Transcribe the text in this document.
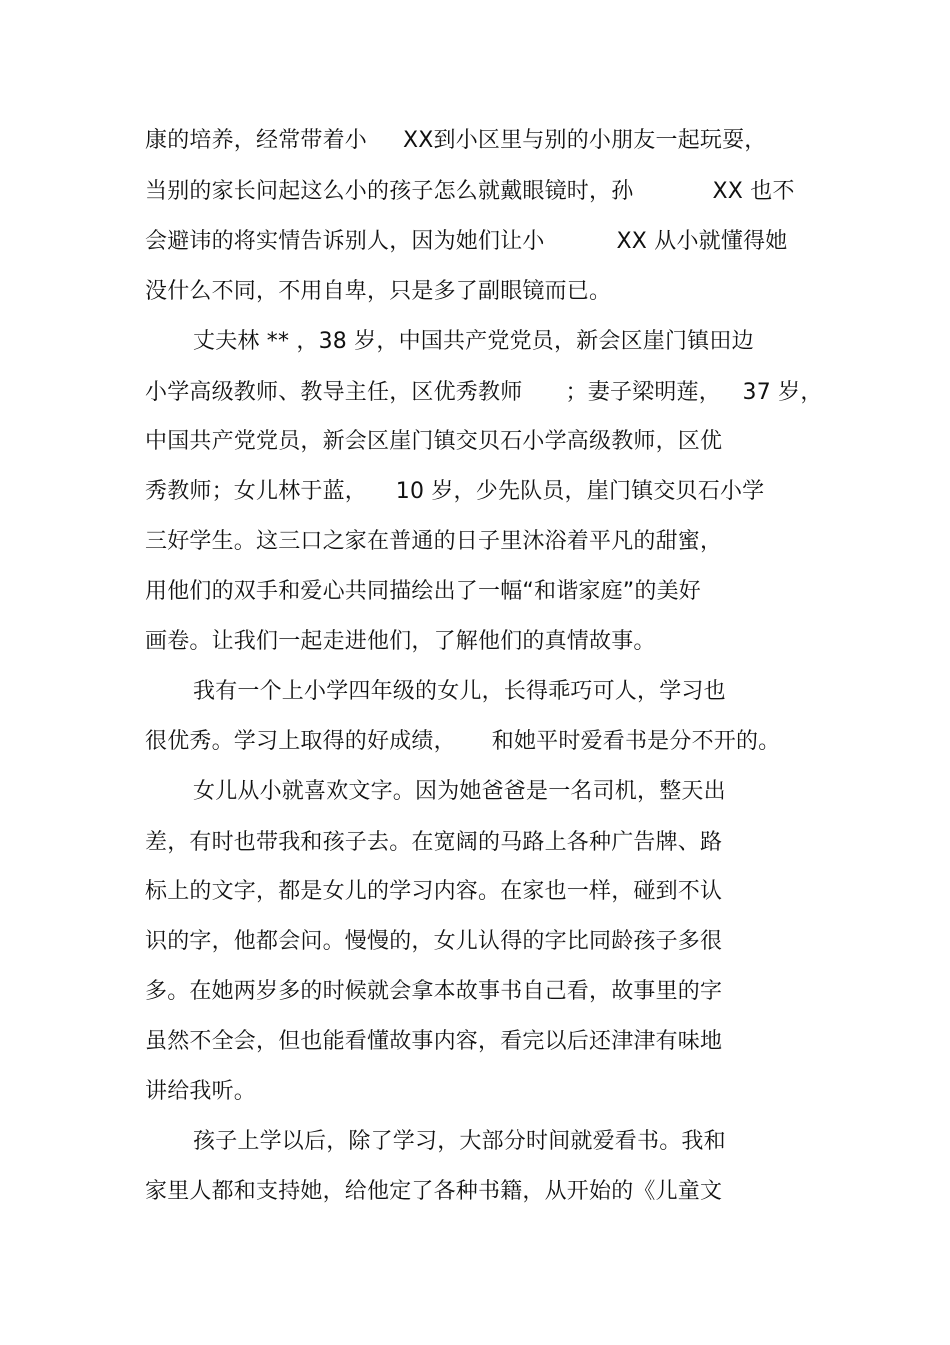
康的培养，经常带着小     XX到小区里与别的小朋友一起玩耍，
当别的家长问起这么小的孩子怎么就戴眼镜时，孙           XX 也不
会避讳的将实情告诉别人，因为她们让小          XX 从小就懂得她
没什么不同，不用自卑，只是多了副眼镜而已。
丈夫林 ** ，38 岁，中国共产党党员，新会区崖门镇田边
小学高级教师、教导主任，区优秀教师      ；妻子梁明莲，   37 岁，
中国共产党党员，新会区崖门镇交贝石小学高级教师，区优
秀教师；女儿林于蓝，    10 岁，少先队员，崖门镇交贝石小学
三好学生。这三口之家在普通的日子里沐浴着平凡的甜蜜，
用他们的双手和爱心共同描绘出了一幅“和谐家庭”的美好
画卷。让我们一起走进他们，了解他们的真情故事。
我有一个上小学四年级的女儿，长得乖巧可人，学习也
很优秀。学习上取得的好成绩，     和她平时爱看书是分不开的。
女儿从小就喜欢文字。因为她爸爸是一名司机，整天出
差，有时也带我和孩子去。在宽阔的马路上各种广告牌、路
标上的文字，都是女儿的学习内容。在家也一样，碰到不认
识的字，他都会问。慢慢的，女儿认得的字比同龄孩子多很
多。在她两岁多的时候就会拿本故事书自己看，故事里的字
虽然不全会，但也能看懂故事内容，看完以后还津津有味地
讲给我听。
孩子上学以后，除了学习，大部分时间就爱看书。我和
家里人都和支持她，给他定了各种书籍，从开始的《儿童文
